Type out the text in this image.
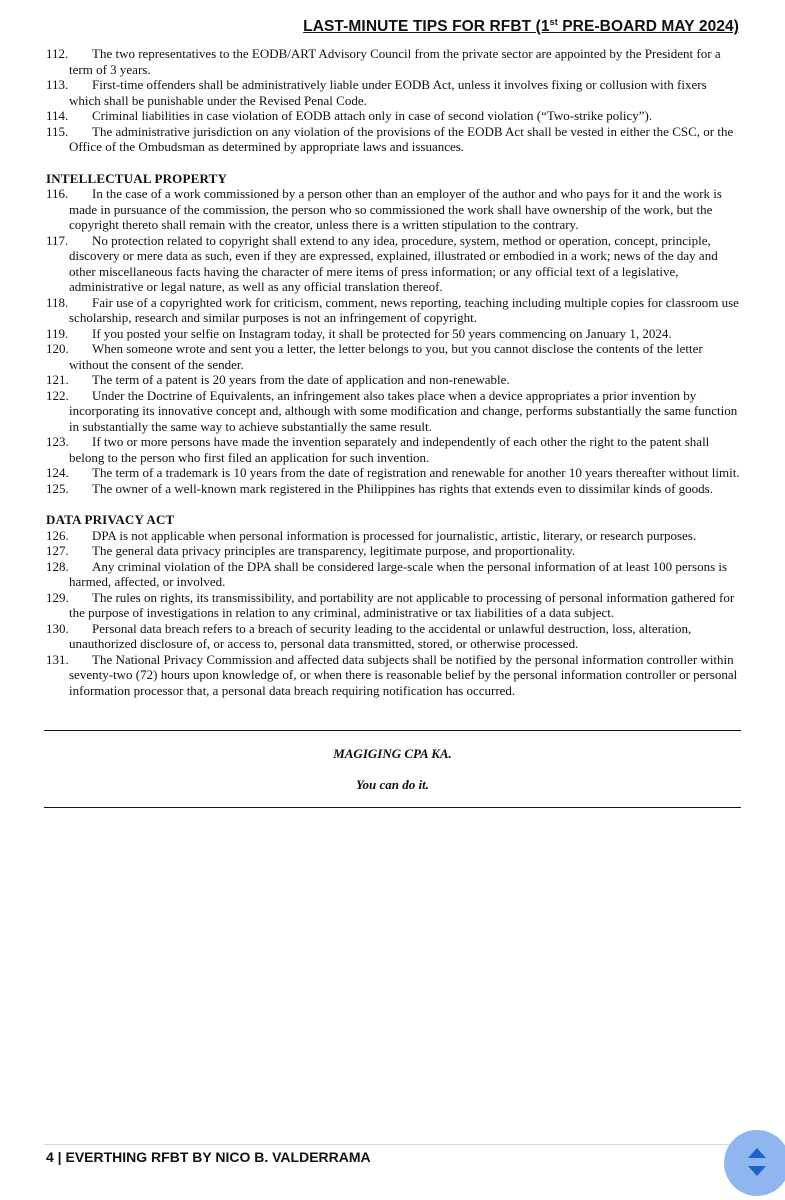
LAST-MINUTE TIPS FOR RFBT (1st PRE-BOARD MAY 2024)
112.	The two representatives to the EODB/ART Advisory Council from the private sector are appointed by the President for a term of 3 years.
113.	First-time offenders shall be administratively liable under EODB Act, unless it involves fixing or collusion with fixers which shall be punishable under the Revised Penal Code.
114.	Criminal liabilities in case violation of EODB attach only in case of second violation (“Two-strike policy”).
115.	The administrative jurisdiction on any violation of the provisions of the EODB Act shall be vested in either the CSC, or the Office of the Ombudsman as determined by appropriate laws and issuances.
INTELLECTUAL PROPERTY
116.	In the case of a work commissioned by a person other than an employer of the author and who pays for it and the work is made in pursuance of the commission, the person who so commissioned the work shall have ownership of the work, but the copyright thereto shall remain with the creator, unless there is a written stipulation to the contrary.
117.	No protection related to copyright shall extend to any idea, procedure, system, method or operation, concept, principle, discovery or mere data as such, even if they are expressed, explained, illustrated or embodied in a work; news of the day and other miscellaneous facts having the character of mere items of press information; or any official text of a legislative, administrative or legal nature, as well as any official translation thereof.
118.	Fair use of a copyrighted work for criticism, comment, news reporting, teaching including multiple copies for classroom use scholarship, research and similar purposes is not an infringement of copyright.
119.	If you posted your selfie on Instagram today, it shall be protected for 50 years commencing on January 1, 2024.
120.	When someone wrote and sent you a letter, the letter belongs to you, but you cannot disclose the contents of the letter without the consent of the sender.
121.	The term of a patent is 20 years from the date of application and non-renewable.
122.	Under the Doctrine of Equivalents, an infringement also takes place when a device appropriates a prior invention by incorporating its innovative concept and, although with some modification and change, performs substantially the same function in substantially the same way to achieve substantially the same result.
123.	If two or more persons have made the invention separately and independently of each other the right to the patent shall belong to the person who first filed an application for such invention.
124.	The term of a trademark is 10 years from the date of registration and renewable for another 10 years thereafter without limit.
125.	The owner of a well-known mark registered in the Philippines has rights that extends even to dissimilar kinds of goods.
DATA PRIVACY ACT
126.	DPA is not applicable when personal information is processed for journalistic, artistic, literary, or research purposes.
127.	The general data privacy principles are transparency, legitimate purpose, and proportionality.
128.	Any criminal violation of the DPA shall be considered large-scale when the personal information of at least 100 persons is harmed, affected, or involved.
129.	The rules on rights, its transmissibility, and portability are not applicable to processing of personal information gathered for the purpose of investigations in relation to any criminal, administrative or tax liabilities of a data subject.
130.	Personal data breach refers to a breach of security leading to the accidental or unlawful destruction, loss, alteration, unauthorized disclosure of, or access to, personal data transmitted, stored, or otherwise processed.
131.	The National Privacy Commission and affected data subjects shall be notified by the personal information controller within seventy-two (72) hours upon knowledge of, or when there is reasonable belief by the personal information controller or personal information processor that, a personal data breach requiring notification has occurred.
MAGIGING CPA KA.
You can do it.
4 | EVERTHING RFBT BY NICO B. VALDERRAMA
